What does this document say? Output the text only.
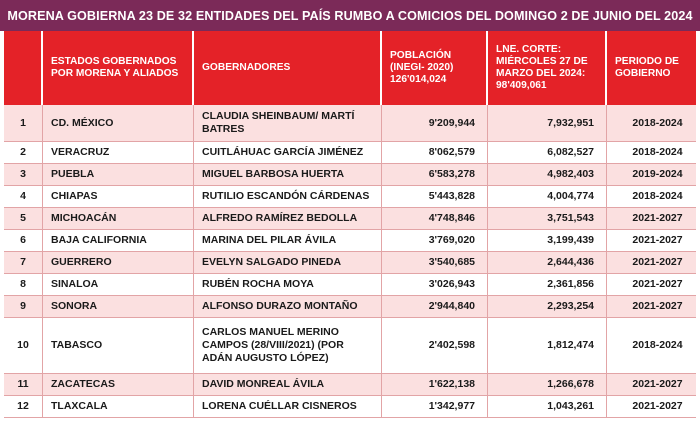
MORENA GOBIERNA 23 DE 32 ENTIDADES DEL PAÍS RUMBO A COMICIOS DEL DOMINGO 2 DE JUNIO DEL 2024
	ESTADOS GOBERNADOS POR MORENA Y ALIADOS	GOBERNADORES	POBLACIÓN (INEGI- 2020) 126'014,024	LNE. CORTE: MIÉRCOLES 27 DE MARZO DEL 2024: 98'409,061	PERIODO DE GOBIERNO
1	CD. MÉXICO	CLAUDIA SHEINBAUM/ MARTÍ BATRES	9'209,944	7,932,951	2018-2024
2	VERACRUZ	CUITLÁHUAC GARCÍA JIMÉNEZ	8'062,579	6,082,527	2018-2024
3	PUEBLA	MIGUEL BARBOSA HUERTA	6'583,278	4,982,403	2019-2024
4	CHIAPAS	RUTILIO ESCANDÓN CÁRDENAS	5'443,828	4,004,774	2018-2024
5	MICHOACÁN	ALFREDO RAMÍREZ BEDOLLA	4'748,846	3,751,543	2021-2027
6	BAJA CALIFORNIA	MARINA DEL PILAR ÁVILA	3'769,020	3,199,439	2021-2027
7	GUERRERO	EVELYN SALGADO PINEDA	3'540,685	2,644,436	2021-2027
8	SINALOA	RUBÉN ROCHA MOYA	3'026,943	2,361,856	2021-2027
9	SONORA	ALFONSO DURAZO MONTAÑO	2'944,840	2,293,254	2021-2027
10	TABASCO	CARLOS MANUEL MERINO CAMPOS (28/VIII/2021) (POR ADÁN AUGUSTO LÓPEZ)	2'402,598	1,812,474	2018-2024
11	ZACATECAS	DAVID MONREAL ÁVILA	1'622,138	1,266,678	2021-2027
12	TLAXCALA	LORENA CUÉLLAR CISNEROS	1'342,977	1,043,261	2021-2027
